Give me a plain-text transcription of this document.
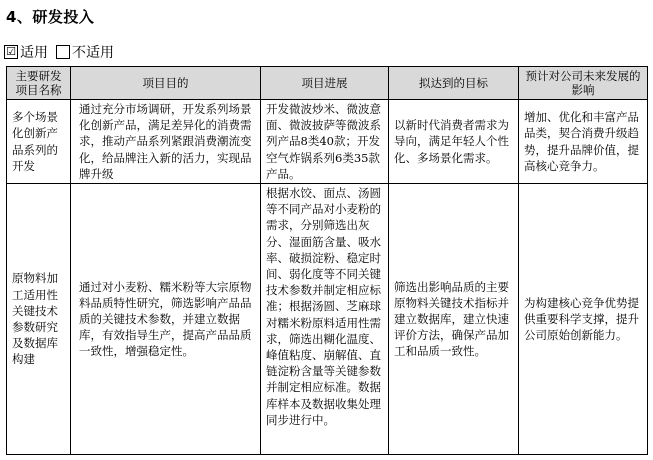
4、研发投入
☑ 适用 不适用
主要研发项目名称	项目目的	项目进展	拟达到的目标	预计对公司未来发展的影响
多个场景化创新产品系列的开发	通过充分市场调研，开发系列场景化创新产品，满足差异化的消费需求，推动产品系列紧跟消费潮流变化，给品牌注入新的活力，实现品牌升级	开发微波炒米、微波意面、微波披萨等微波系列产品8类40款；开发空气炸锅系列6类35款产品。	以新时代消费者需求为导向，满足年轻人个性化、多场景化需求。	增加、优化和丰富产品品类，契合消费升级趋势，提升品牌价值，提高核心竞争力。
原物料加工适用性关键技术参数研究及数据库构建	通过对小麦粉、糯米粉等大宗原物料品质特性研究，筛选影响产品品质的关键技术参数，并建立数据库，有效指导生产，提高产品品质一致性，增强稳定性。	根据水饺、面点、汤圆等不同产品对小麦粉的需求，分别筛选出灰分、湿面筋含量、吸水率、破损淀粉、稳定时间、弱化度等不同关键技术参数并制定相应标准；根据汤圆、芝麻球对糯米粉原料适用性需求，筛选出糊化温度、峰值粘度、崩解值、直链淀粉含量等关键参数并制定相应标准。数据库样本及数据收集处理同步进行中。	筛选出影响品质的主要原物料关键技术指标并建立数据库，建立快速评价方法，确保产品加工和品质一致性。	为构建核心竞争优势提供重要科学支撑，提升公司原始创新能力。
